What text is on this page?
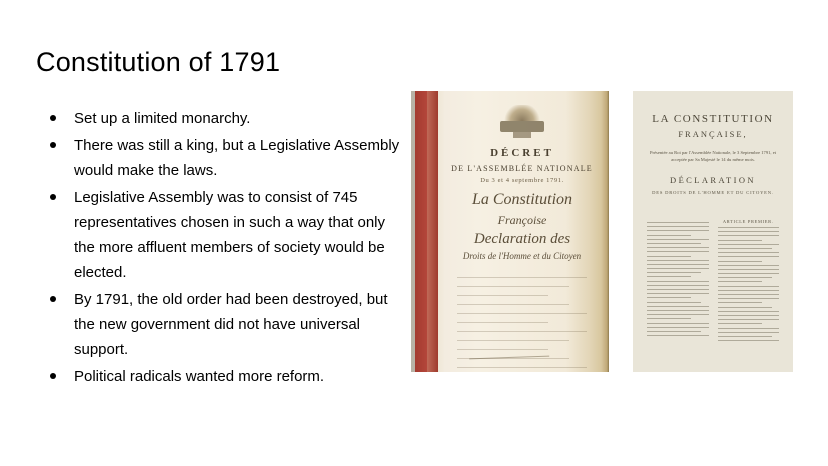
Constitution of 1791
Set up a limited monarchy.
There was still a king, but a Legislative Assembly would make the laws.
Legislative Assembly was to consist of 745 representatives chosen in such a way that only the more affluent members of society would be elected.
By 1791, the old order had been destroyed, but the new government did not have universal support.
Political radicals wanted more reform.
DÉCRET
DE L'ASSEMBLÉE NATIONALE
Du 3 et 4 septembre 1791.
La Constitution
Françoise
Declaration des
Droits de l'Homme et du Citoyen
LA CONSTITUTION
FRANÇAISE,
Présentée au Roi par l'Assemblée Nationale, le 3 Septembre 1791, et acceptée par Sa Majesté le 14 du même mois.
DÉCLARATION
DES DROITS DE L'HOMME ET DU CITOYEN.
ARTICLE PREMIER.
